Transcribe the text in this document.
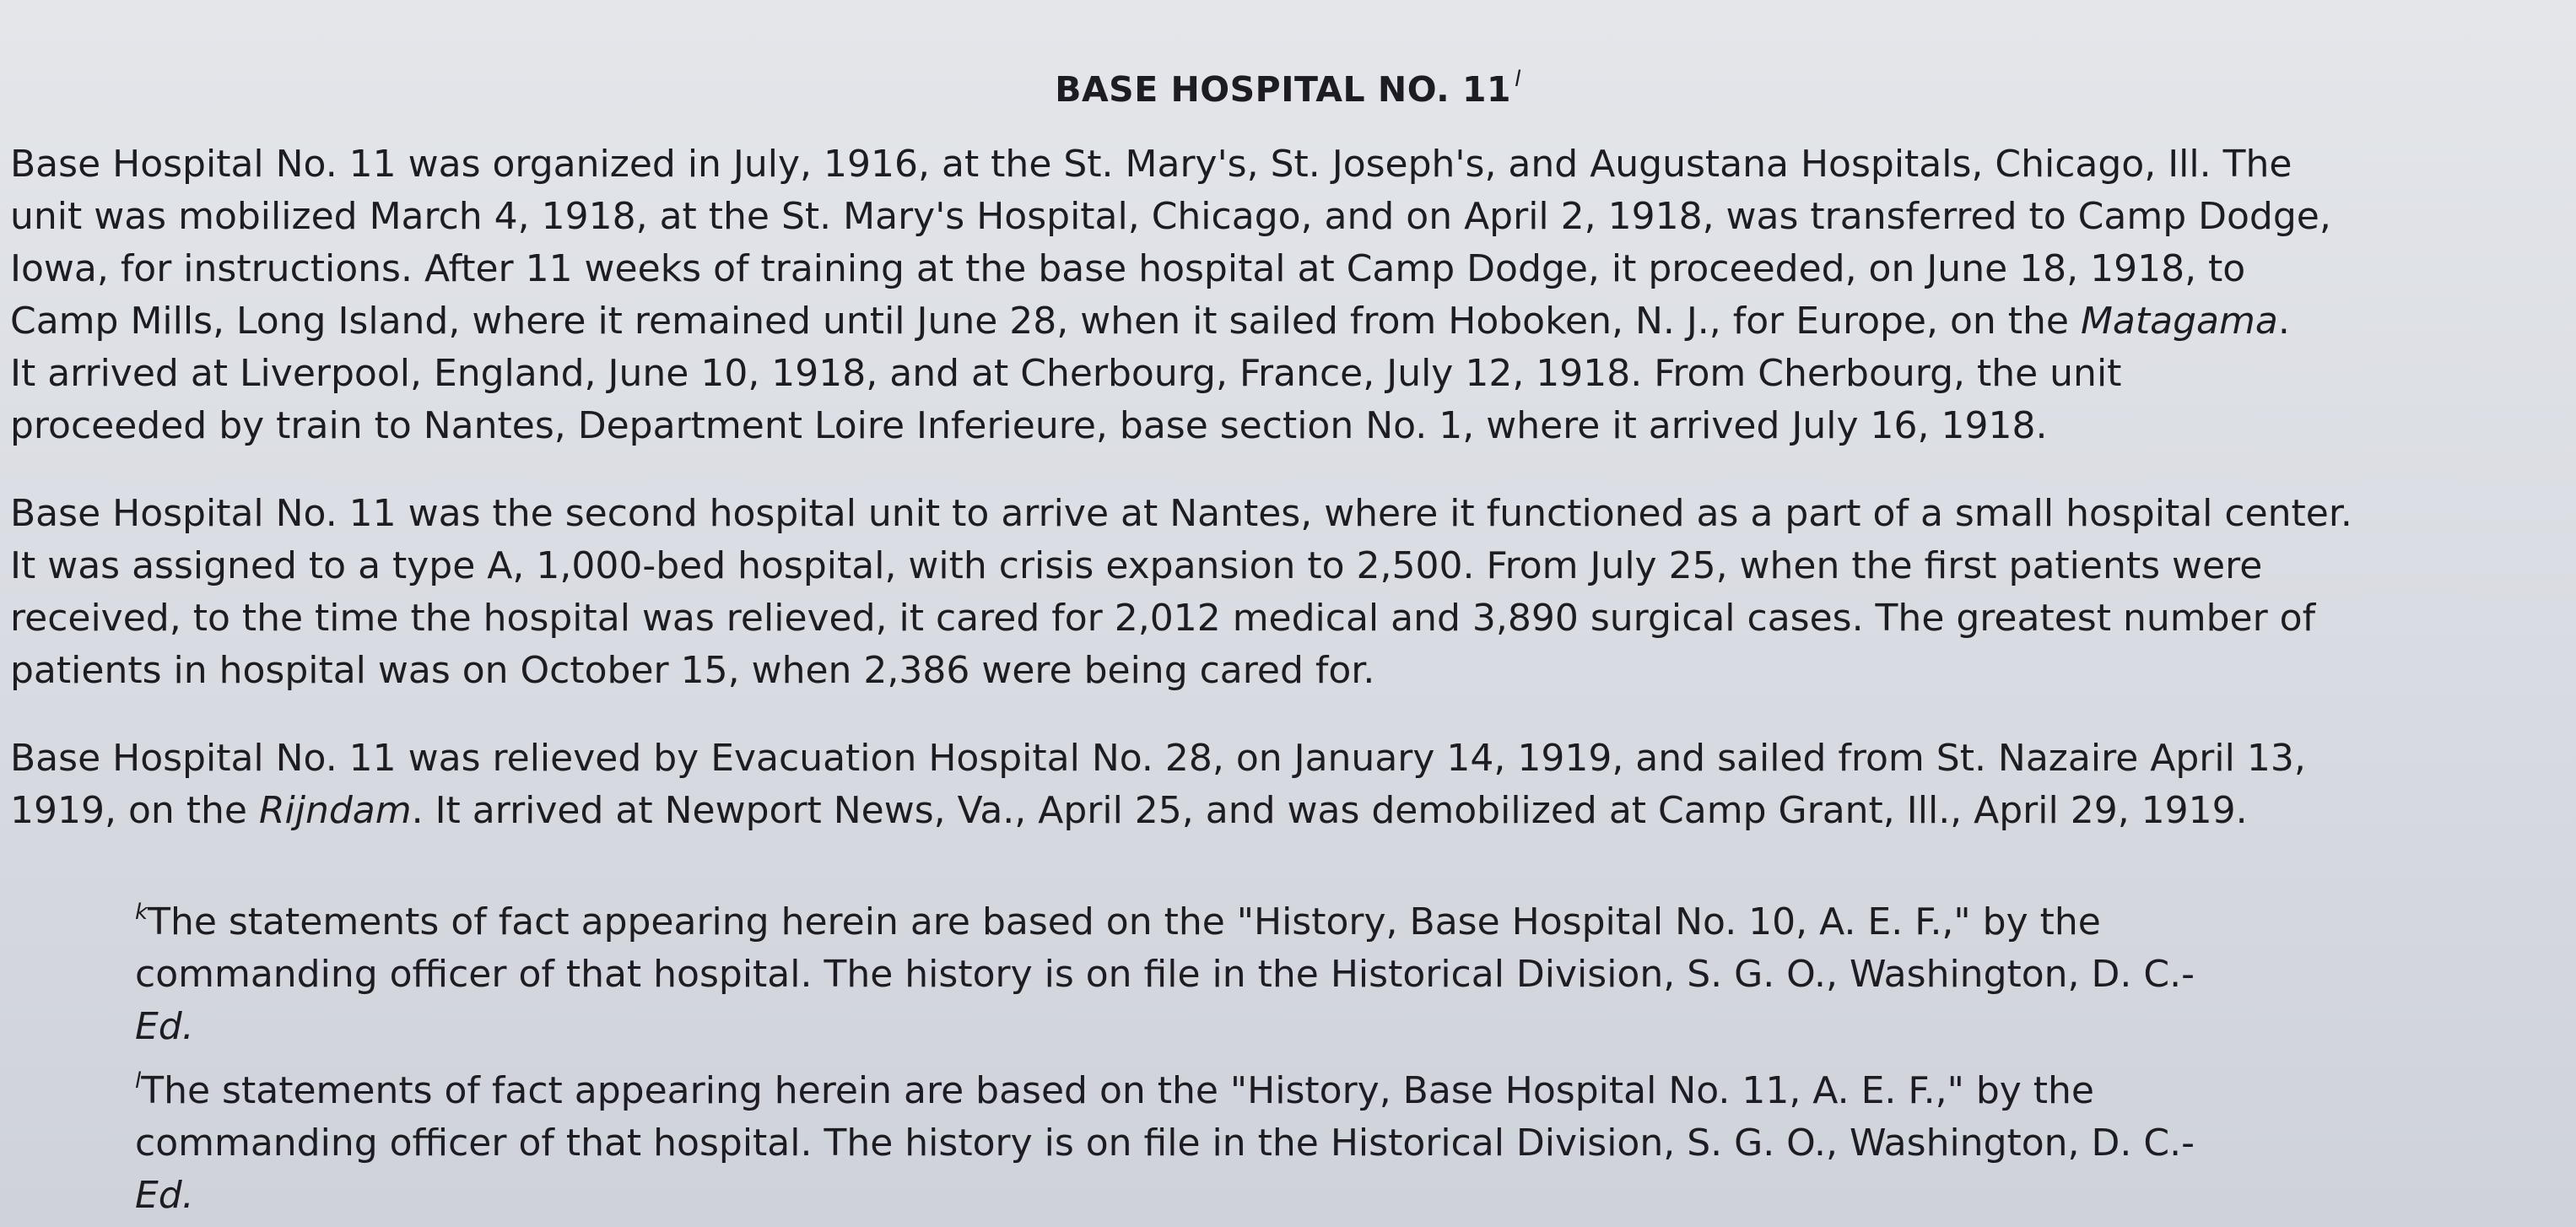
BASE HOSPITAL NO. 11 $^l$

Base Hospital No. 11 was organized in July, 1916, at the St. Mary's, St. Joseph's, and Augustana Hospitals, Chicago, Ill. The
unit was mobilized March 4, 1918, at the St. Mary's Hospital, Chicago, and on April 2, 1918, was transferred to Camp Dodge,
Iowa, for instructions. After 11 weeks of training at the base hospital at Camp Dodge, it proceeded, on June 18, 1918, to
Camp Mills, Long Island, where it remained until June 28, when it sailed from Hoboken, N. J., for Europe, on the Matagama.
It arrived at Liverpool, England, June 10, 1918, and at Cherbourg, France, July 12, 1918. From Cherbourg, the unit
proceeded by train to Nantes, Department Loire Inferieure, base section No. 1, where it arrived July 16, 1918.

Base Hospital No. 11 was the second hospital unit to arrive at Nantes, where it functioned as a part of a small hospital center.
It was assigned to a type A, 1,000-bed hospital, with crisis expansion to 2,500. From July 25, when the first patients were
received, to the time the hospital was relieved, it cared for 2,012 medical and 3,890 surgical cases. The greatest number of
patients in hospital was on October 15, when 2,386 were being cared for.

Base Hospital No. 11 was relieved by Evacuation Hospital No. 28, on January 14, 1919, and sailed from St. Nazaire April 13,
1919, on the Rijndam. It arrived at Newport News, Va., April 25, and was demobilized at Camp Grant, Ill., April 29, 1919.

$^k$The statements of fact appearing herein are based on the "History, Base Hospital No. 10, A. E. F.," by the
commanding officer of that hospital. The history is on file in the Historical Division, S. G. O., Washington, D. C.-
Ed.

$^l$The statements of fact appearing herein are based on the "History, Base Hospital No. 11, A. E. F.," by the
commanding officer of that hospital. The history is on file in the Historical Division, S. G. O., Washington, D. C.-
Ed.
